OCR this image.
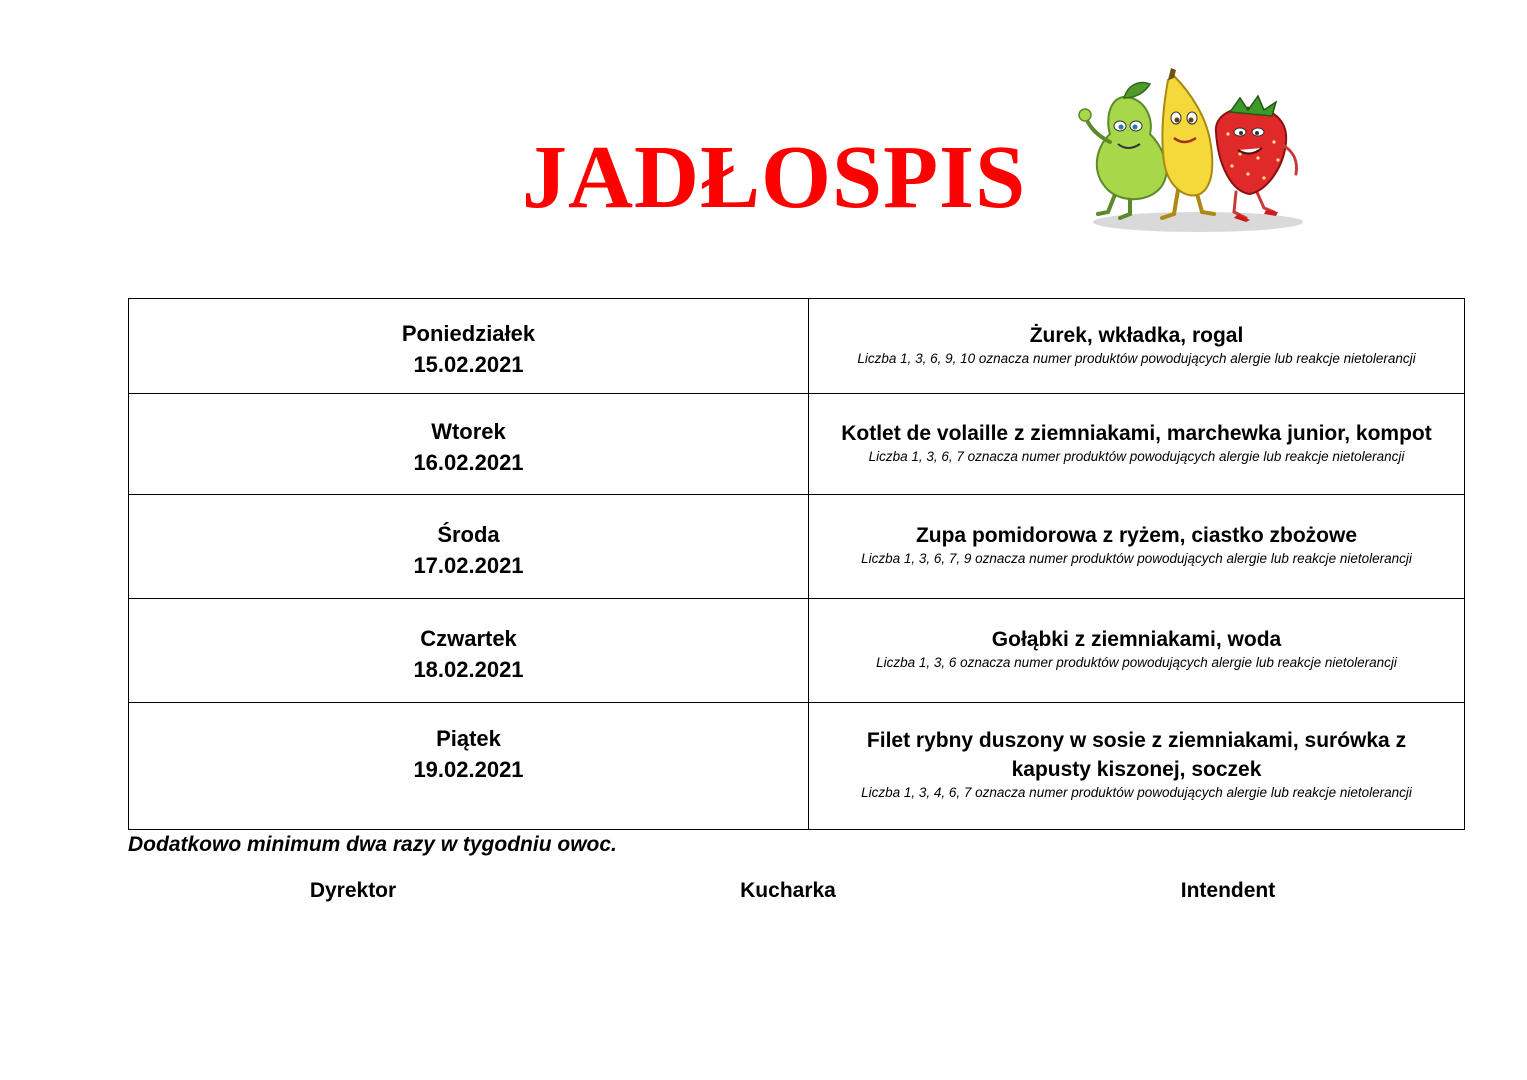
JADŁOSPIS
Poniedziałek
15.02.2021	Żurek, wkładka, rogal
Liczba 1, 3, 6, 9, 10 oznacza numer produktów powodujących alergie lub reakcje nietolerancji

Wtorek
16.02.2021	Kotlet de volaille z ziemniakami, marchewka junior, kompot
Liczba 1, 3, 6, 7 oznacza numer produktów powodujących alergie lub reakcje nietolerancji

Środa
17.02.2021	Zupa pomidorowa z ryżem, ciastko zbożowe
Liczba 1, 3, 6, 7, 9 oznacza numer produktów powodujących alergie lub reakcje nietolerancji

Czwartek
18.02.2021	Gołąbki z ziemniakami, woda
Liczba 1, 3, 6 oznacza numer produktów powodujących alergie lub reakcje nietolerancji

Piątek
19.02.2021	Filet rybny duszony w sosie z ziemniakami, surówka z kapusty kiszonej, soczek
Liczba 1, 3, 4, 6, 7 oznacza numer produktów powodujących alergie lub reakcje nietolerancji
Dodatkowo minimum dwa razy w tygodniu owoc.
Dyrektor	Kucharka	Intendent
